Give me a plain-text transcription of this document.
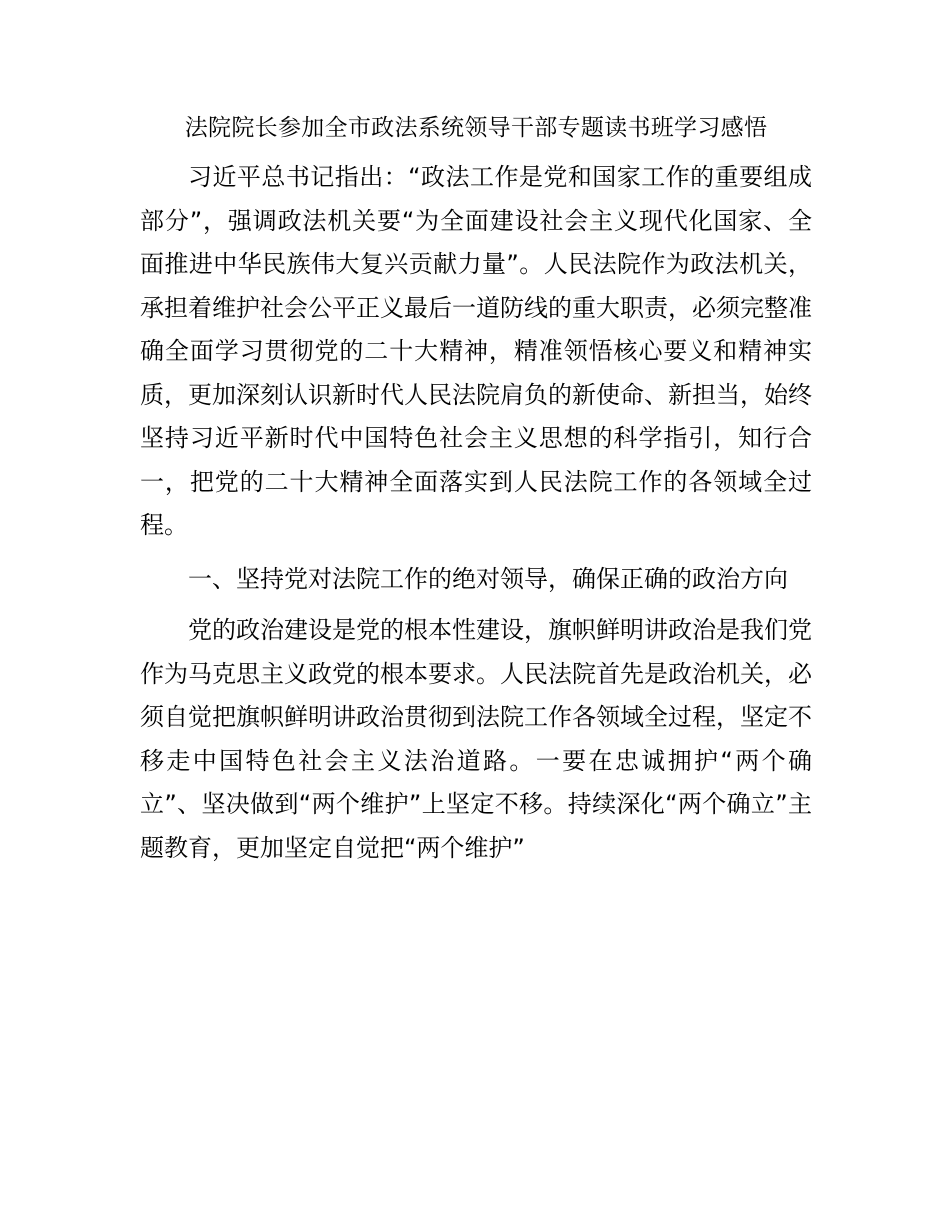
法院院长参加全市政法系统领导干部专题读书班学习感悟

习近平总书记指出：“政法工作是党和国家工作的重要组成部分”，强调政法机关要“为全面建设社会主义现代化国家、全面推进中华民族伟大复兴贡献力量”。人民法院作为政法机关，承担着维护社会公平正义最后一道防线的重大职责，必须完整准确全面学习贯彻党的二十大精神，精准领悟核心要义和精神实质，更加深刻认识新时代人民法院肩负的新使命、新担当，始终坚持习近平新时代中国特色社会主义思想的科学指引，知行合一，把党的二十大精神全面落实到人民法院工作的各领域全过程。

一、坚持党对法院工作的绝对领导，确保正确的政治方向

党的政治建设是党的根本性建设，旗帜鲜明讲政治是我们党作为马克思主义政党的根本要求。人民法院首先是政治机关，必须自觉把旗帜鲜明讲政治贯彻到法院工作各领域全过程，坚定不移走中国特色社会主义法治道路。一要在忠诚拥护“两个确立”、坚决做到“两个维护”上坚定不移。持续深化“两个确立”主题教育，更加坚定自觉把“两个维护”
